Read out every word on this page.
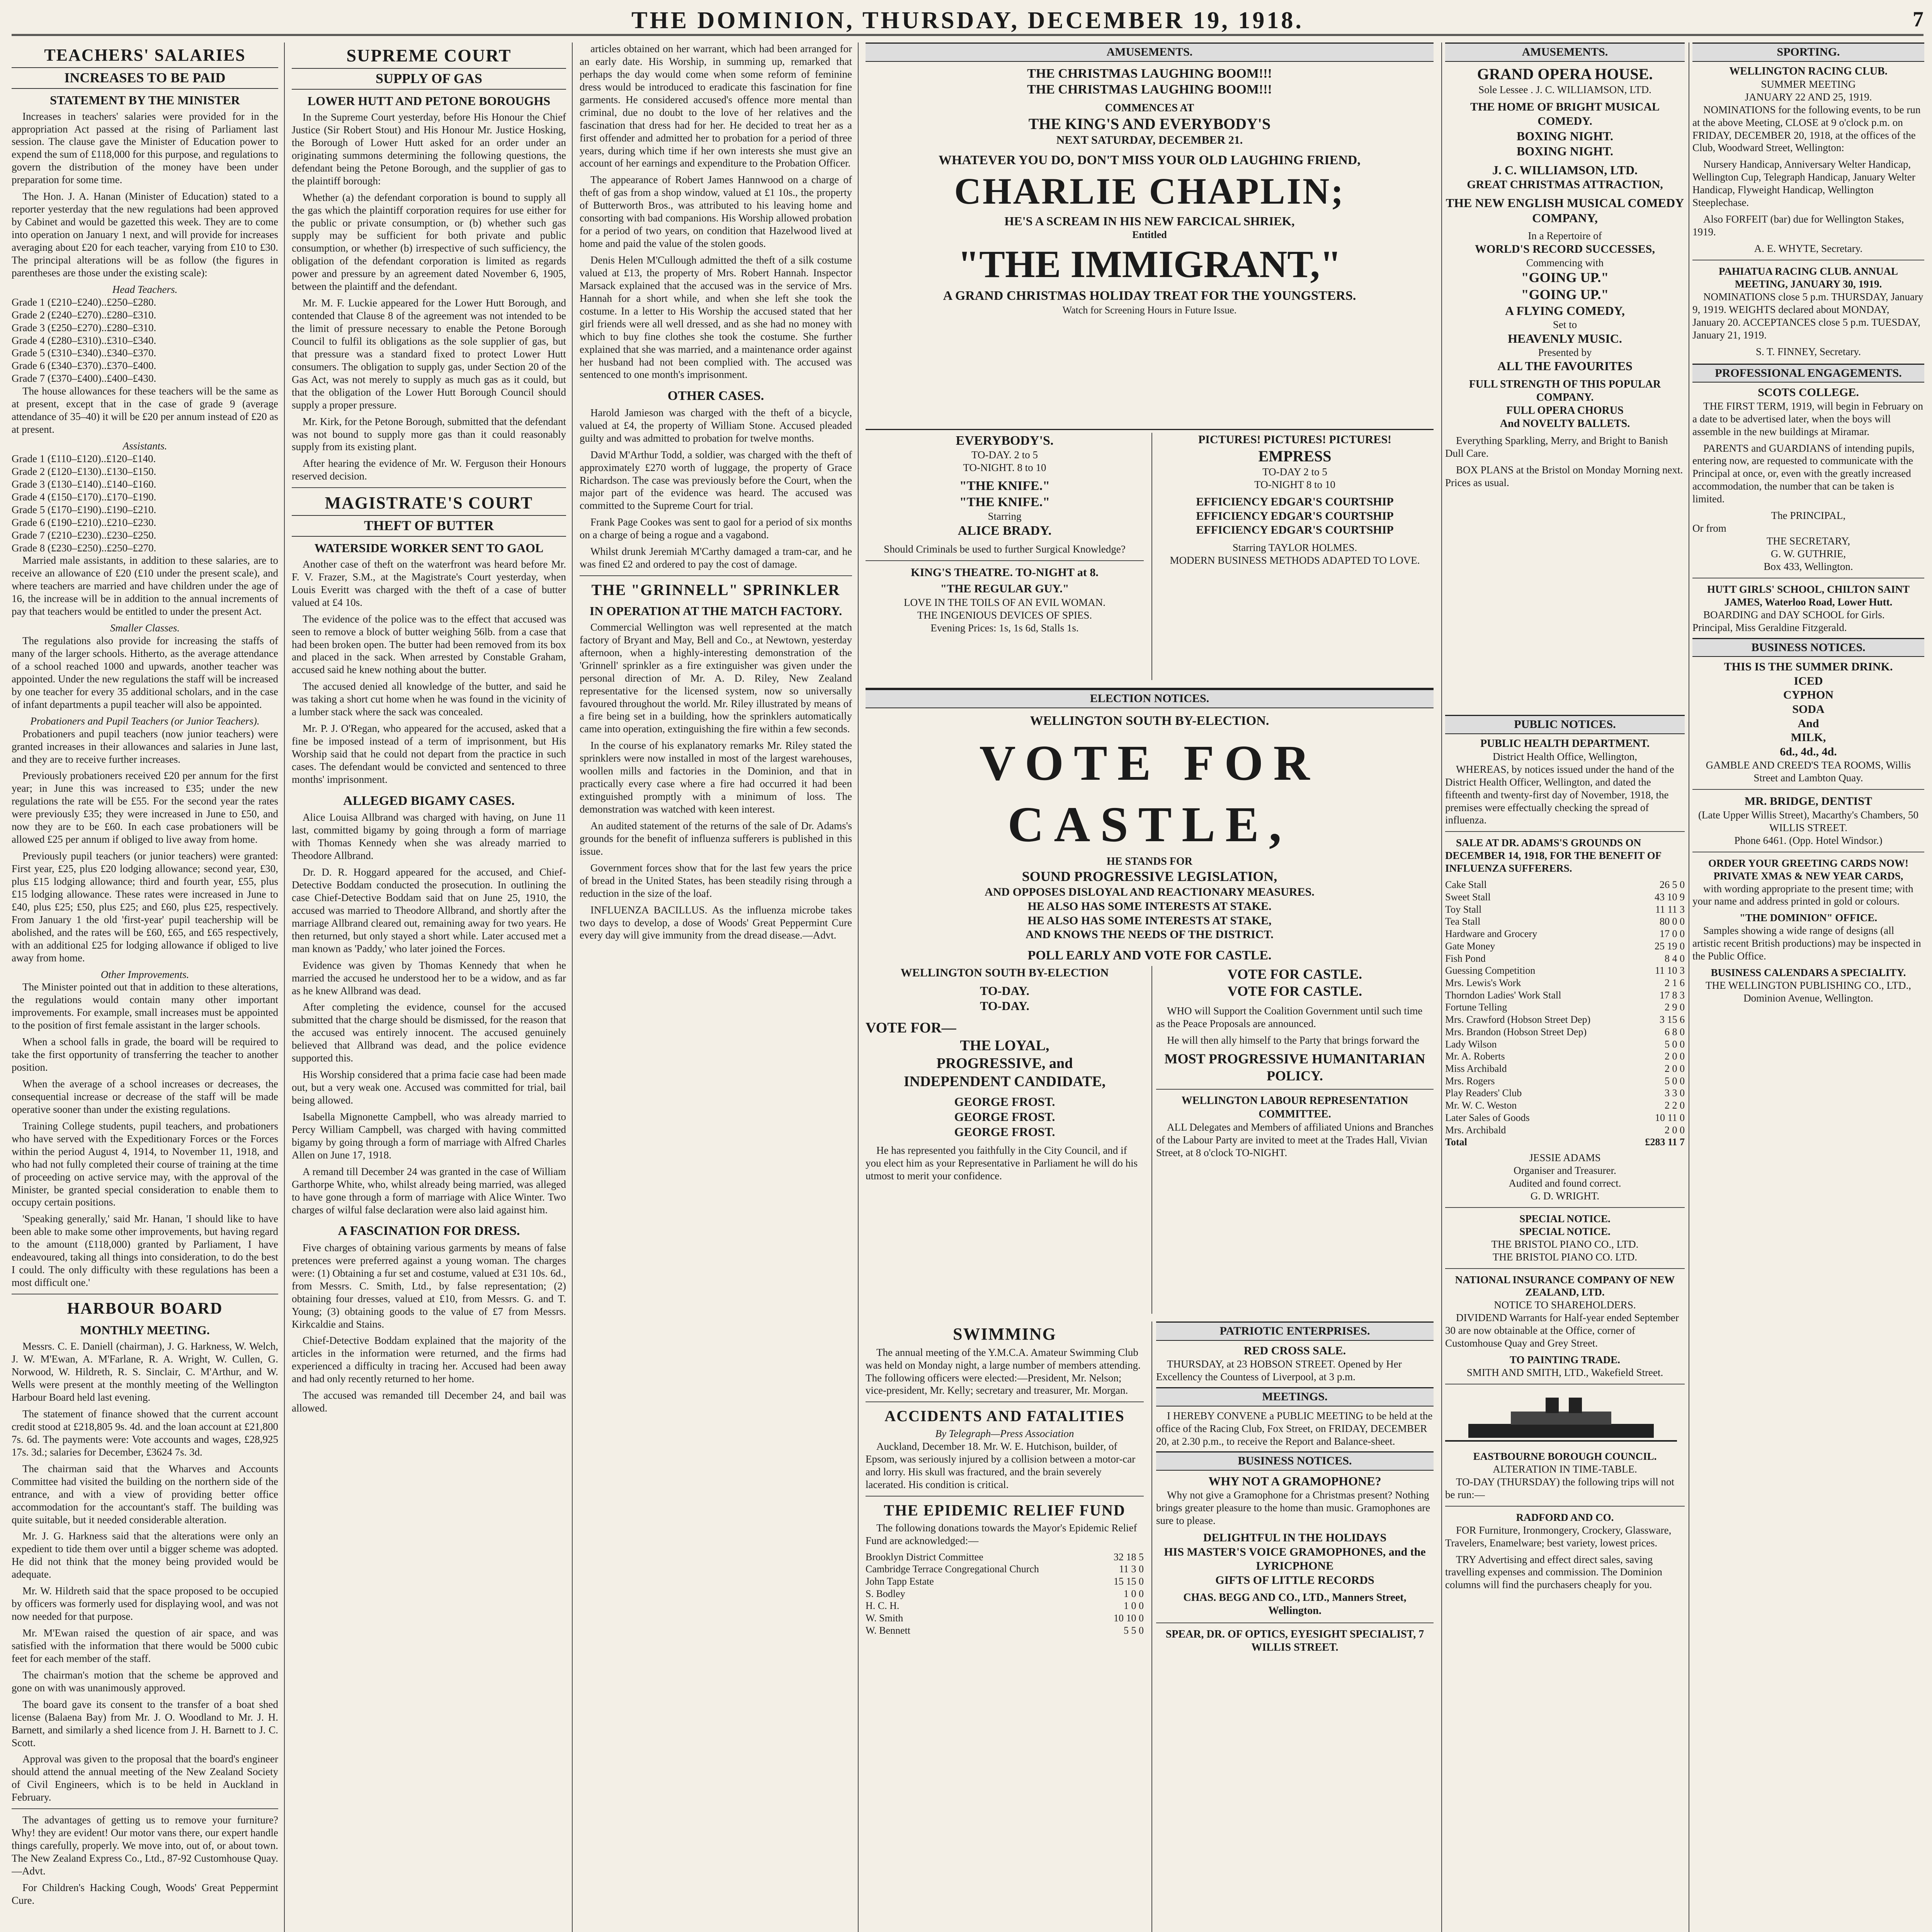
THE DOMINION, THURSDAY, DECEMBER 19, 1918.	7
TEACHERS' SALARIES
INCREASES TO BE PAID
STATEMENT BY THE MINISTER

Increases in teachers' salaries were provided for in the appropriation Act passed at the rising of Parliament last session. The clause gave the Minister of Education power to expend the sum of £118,000 for this purpose, and regulations to govern the distribution of the money have been under preparation for some time.

The Hon. J. A. Hanan (Minister of Education) stated to a reporter yesterday that the new regulations had been approved by Cabinet and would be gazetted this week. They are to come into operation on January 1 next, and will provide for increases averaging about £20 for each teacher, varying from £10 to £30. The principal alterations will be as follow (the figures in parentheses are those under the existing scale):

Head Teachers.
Grade 1 (£210–£240)..£250–£280.
Grade 2 (£240–£270)..£280–£310.
Grade 3 (£250–£270)..£280–£310.
Grade 4 (£280–£310)..£310–£340.
Grade 5 (£310–£340)..£340–£370.
Grade 6 (£340–£370)..£370–£400.
Grade 7 (£370–£400)..£400–£430.

The house allowances for these teachers will be the same as at present, except that in the case of grade 9 (average attendance of 35–40) it will be £20 per annum instead of £20 as at present.

Assistants.
Grade 1 (£110–£120)..£120–£140.
Grade 2 (£120–£130)..£130–£150.
Grade 3 (£130–£140)..£140–£160.
Grade 4 (£150–£170)..£170–£190.
Grade 5 (£170–£190)..£190–£210.
Grade 6 (£190–£210)..£210–£230.
Grade 7 (£210–£230)..£230–£250.
Grade 8 (£230–£250)..£250–£270.

Married male assistants, in addition to these salaries, are to receive an allowance of £20 (£10 under the present scale), and where teachers are married and have children under the age of 16, the increase will be in addition to the annual increments of pay that teachers would be entitled to under the present Act.

Smaller Classes.

The regulations also provide for increasing the staffs of many of the larger schools. Hitherto, as the average attendance of a school reached 1000 and upwards, another teacher was appointed. Under the new regulations the staff will be increased by one teacher for every 35 additional scholars, and in the case of infant departments a pupil teacher will also be appointed.

Probationers and Pupil Teachers (or Junior Teachers).

Probationers and pupil teachers (now junior teachers) were granted increases in their allowances and salaries in June last, and they are to receive further increases.

Previously probationers received £20 per annum for the first year; in June this was increased to £35; under the new regulations the rate will be £55. For the second year the rates were previously £35; they were increased in June to £50, and now they are to be £60. In each case probationers will be allowed £25 per annum if obliged to live away from home.

Previously pupil teachers (or junior teachers) were granted: First year, £25, plus £20 lodging allowance; second year, £30, plus £15 lodging allowance; third and fourth year, £55, plus £15 lodging allowance. These rates were increased in June to £40, plus £25; £50, plus £25; and £60, plus £25, respectively. From January 1 the old 'first-year' pupil teachership will be abolished, and the rates will be £60, £65, and £65 respectively, with an additional £25 for lodging allowance if obliged to live away from home.

Other Improvements.

The Minister pointed out that in addition to these alterations, the regulations would contain many other important improvements. For example, small increases must be appointed to the position of first female assistant in the larger schools.

When a school falls in grade, the board will be required to take the first opportunity of transferring the teacher to another position.

When the average of a school increases or decreases, the consequential increase or decrease of the staff will be made operative sooner than under the existing regulations.

Training College students, pupil teachers, and probationers who have served with the Expeditionary Forces or the Forces within the period August 4, 1914, to November 11, 1918, and who had not fully completed their course of training at the time of proceeding on active service may, with the approval of the Minister, be granted special consideration to enable them to occupy certain positions.

'Speaking generally,' said Mr. Hanan, 'I should like to have been able to make some other improvements, but having regard to the amount (£118,000) granted by Parliament, I have endeavoured, taking all things into consideration, to do the best I could. The only difficulty with these regulations has been a most difficult one.'

HARBOUR BOARD
MONTHLY MEETING.

Messrs. C. E. Daniell (chairman), J. G. Harkness, W. Welch, J. W. M'Ewan, A. M'Farlane, R. A. Wright, W. Cullen, G. Norwood, W. Hildreth, R. S. Sinclair, C. M'Arthur, and W. Wells were present at the monthly meeting of the Wellington Harbour Board held last evening.

The statement of finance showed that the current account credit stood at £218,805 9s. 4d. and the loan account at £21,800 7s. 6d. The payments were: Vote accounts and wages, £28,925 17s. 3d.; salaries for December, £3624 7s. 3d.

The chairman said that the Wharves and Accounts Committee had visited the building on the northern side of the entrance, and with a view of providing better office accommodation for the accountant's staff. The building was quite suitable, but it needed considerable alteration.

Mr. J. G. Harkness said that the alterations were only an expedient to tide them over until a bigger scheme was adopted. He did not think that the money being provided would be adequate.

Mr. W. Hildreth said that the space proposed to be occupied by officers was formerly used for displaying wool, and was not now needed for that purpose.

Mr. M'Ewan raised the question of air space, and was satisfied with the information that there would be 5000 cubic feet for each member of the staff.

The chairman's motion that the scheme be approved and gone on with was unanimously approved.

The board gave its consent to the transfer of a boat shed license (Balaena Bay) from Mr. J. O. Woodland to Mr. J. H. Barnett, and similarly a shed licence from J. H. Barnett to J. C. Scott.

Approval was given to the proposal that the board's engineer should attend the annual meeting of the New Zealand Society of Civil Engineers, which is to be held in Auckland in February.

The advantages of getting us to remove your furniture? Why! they are evident! Our motor vans there, our expert handle things carefully, properly. We move into, out of, or about town. The New Zealand Express Co., Ltd., 87-92 Customhouse Quay.—Advt.

For Children's Hacking Cough, Woods' Great Peppermint Cure.

SUPREME COURT
SUPPLY OF GAS
LOWER HUTT AND PETONE BOROUGHS

In the Supreme Court yesterday, before His Honour the Chief Justice (Sir Robert Stout) and His Honour Mr. Justice Hosking, the Borough of Lower Hutt asked for an order under an originating summons determining the following questions, the defendant being the Petone Borough, and the supplier of gas to the plaintiff borough:

Whether (a) the defendant corporation is bound to supply all the gas which the plaintiff corporation requires for use either for the public or private consumption, or (b) whether such gas supply may be sufficient for both private and public consumption, or whether (b) irrespective of such sufficiency, the obligation of the defendant corporation is limited as regards power and pressure by an agreement dated November 6, 1905, between the plaintiff and the defendant.

Mr. M. F. Luckie appeared for the Lower Hutt Borough, and contended that Clause 8 of the agreement was not intended to be the limit of pressure necessary to enable the Petone Borough Council to fulfil its obligations as the sole supplier of gas, but that pressure was a standard fixed to protect Lower Hutt consumers. The obligation to supply gas, under Section 20 of the Gas Act, was not merely to supply as much gas as it could, but that the obligation of the Lower Hutt Borough Council should supply a proper pressure.

Mr. Kirk, for the Petone Borough, submitted that the defendant was not bound to supply more gas than it could reasonably supply from its existing plant.

After hearing the evidence of Mr. W. Ferguson their Honours reserved decision.

MAGISTRATE'S COURT
THEFT OF BUTTER
WATERSIDE WORKER SENT TO GAOL

Another case of theft on the waterfront was heard before Mr. F. V. Frazer, S.M., at the Magistrate's Court yesterday, when Louis Everitt was charged with the theft of a case of butter valued at £4 10s.

The evidence of the police was to the effect that accused was seen to remove a block of butter weighing 56lb. from a case that had been broken open. The butter had been removed from its box and placed in the sack. When arrested by Constable Graham, accused said he knew nothing about the butter.

The accused denied all knowledge of the butter, and said he was taking a short cut home when he was found in the vicinity of a lumber stack where the sack was concealed.

Mr. P. J. O'Regan, who appeared for the accused, asked that a fine be imposed instead of a term of imprisonment, but His Worship said that he could not depart from the practice in such cases. The defendant would be convicted and sentenced to three months' imprisonment.

ALLEGED BIGAMY CASES.

Alice Louisa Allbrand was charged with having, on June 11 last, committed bigamy by going through a form of marriage with Thomas Kennedy when she was already married to Theodore Allbrand.

Dr. D. R. Hoggard appeared for the accused, and Chief-Detective Boddam conducted the prosecution. In outlining the case Chief-Detective Boddam said that on June 25, 1910, the accused was married to Theodore Allbrand, and shortly after the marriage Allbrand cleared out, remaining away for two years. He then returned, but only stayed a short while. Later accused met a man known as 'Paddy,' who later joined the Forces.

Evidence was given by Thomas Kennedy that when he married the accused he understood her to be a widow, and as far as he knew Allbrand was dead.

After completing the evidence, counsel for the accused submitted that the charge should be dismissed, for the reason that the accused was entirely innocent. The accused genuinely believed that Allbrand was dead, and the police evidence supported this.

His Worship considered that a prima facie case had been made out, but a very weak one. Accused was committed for trial, bail being allowed.

Isabella Mignonette Campbell, who was already married to Percy William Campbell, was charged with having committed bigamy by going through a form of marriage with Alfred Charles Allen on June 17, 1918.

A remand till December 24 was granted in the case of William Garthorpe White, who, whilst already being married, was alleged to have gone through a form of marriage with Alice Winter. Two charges of wilful false declaration were also laid against him.

A FASCINATION FOR DRESS.

Five charges of obtaining various garments by means of false pretences were preferred against a young woman. The charges were: (1) Obtaining a fur set and costume, valued at £31 10s. 6d., from Messrs. C. Smith, Ltd., by false representation; (2) obtaining four dresses, valued at £10, from Messrs. G. and T. Young; (3) obtaining goods to the value of £7 from Messrs. Kirkcaldie and Stains.

Chief-Detective Boddam explained that the majority of the articles in the information were returned, and the firms had experienced a difficulty in tracing her. Accused had been away and had only recently returned to her home.

The accused was remanded till December 24, and bail was allowed.

articles obtained on her warrant, which had been arranged for an early date. His Worship, in summing up, remarked that perhaps the day would come when some reform of feminine dress would be introduced to eradicate this fascination for fine garments. He considered accused's offence more mental than criminal, due no doubt to the love of her relatives and the fascination that dress had for her. He decided to treat her as a first offender and admitted her to probation for a period of three years, during which time if her own interests she must give an account of her earnings and expenditure to the Probation Officer.

The appearance of Robert James Hannwood on a charge of theft of gas from a shop window, valued at £1 10s., the property of Butterworth Bros., was attributed to his leaving home and consorting with bad companions. His Worship allowed probation for a period of two years, on condition that Hazelwood lived at home and paid the value of the stolen goods.

Denis Helen M'Cullough admitted the theft of a silk costume valued at £13, the property of Mrs. Robert Hannah. Inspector Marsack explained that the accused was in the service of Mrs. Hannah for a short while, and when she left she took the costume. In a letter to His Worship the accused stated that her girl friends were all well dressed, and as she had no money with which to buy fine clothes she took the costume. She further explained that she was married, and a maintenance order against her husband had not been complied with. The accused was sentenced to one month's imprisonment.

OTHER CASES.

Harold Jamieson was charged with the theft of a bicycle, valued at £4, the property of William Stone. Accused pleaded guilty and was admitted to probation for twelve months.

David M'Arthur Todd, a soldier, was charged with the theft of approximately £270 worth of luggage, the property of Grace Richardson. The case was previously before the Court, when the major part of the evidence was heard. The accused was committed to the Supreme Court for trial.

Frank Page Cookes was sent to gaol for a period of six months on a charge of being a rogue and a vagabond.

Whilst drunk Jeremiah M'Carthy damaged a tram-car, and he was fined £2 and ordered to pay the cost of damage.

THE "GRINNELL" SPRINKLER
IN OPERATION AT THE MATCH FACTORY.

Commercial Wellington was well represented at the match factory of Bryant and May, Bell and Co., at Newtown, yesterday afternoon, when a highly-interesting demonstration of the 'Grinnell' sprinkler as a fire extinguisher was given under the personal direction of Mr. A. D. Riley, New Zealand representative for the licensed system, now so universally favoured throughout the world. Mr. Riley illustrated by means of a fire being set in a building, how the sprinklers automatically came into operation, extinguishing the fire within a few seconds.

In the course of his explanatory remarks Mr. Riley stated the sprinklers were now installed in most of the largest warehouses, woollen mills and factories in the Dominion, and that in practically every case where a fire had occurred it had been extinguished promptly with a minimum of loss. The demonstration was watched with keen interest.

An audited statement of the returns of the sale of Dr. Adams's grounds for the benefit of influenza sufferers is published in this issue.

Government forces show that for the last few years the price of bread in the United States, has been steadily rising through a reduction in the size of the loaf.

INFLUENZA BACILLUS. As the influenza microbe takes two days to develop, a dose of Woods' Great Peppermint Cure every day will give immunity from the dread disease.—Advt.

AMUSEMENTS.
THE CHRISTMAS LAUGHING BOOM!!!
THE CHRISTMAS LAUGHING BOOM!!!
COMMENCES AT
THE KING'S AND EVERYBODY'S
NEXT SATURDAY, DECEMBER 21.
WHATEVER YOU DO, DON'T MISS YOUR OLD LAUGHING FRIEND,
CHARLIE CHAPLIN;
HE'S A SCREAM IN HIS NEW FARCICAL SHRIEK,
Entitled
"THE IMMIGRANT,"
A GRAND CHRISTMAS HOLIDAY TREAT FOR THE YOUNGSTERS.
Watch for Screening Hours in Future Issue.
EVERYBODY'S.
TO-DAY. 2 to 5
TO-NIGHT. 8 to 10
"THE KNIFE."
"THE KNIFE."
Starring
ALICE BRADY.
Should Criminals be used to further Surgical Knowledge?
KING'S THEATRE. TO-NIGHT at 8.
"THE REGULAR GUY."
LOVE IN THE TOILS OF AN EVIL WOMAN.
THE INGENIOUS DEVICES OF SPIES.
Evening Prices: 1s, 1s 6d, Stalls 1s.
PICTURES! PICTURES! PICTURES!
EMPRESS
TO-DAY 2 to 5
TO-NIGHT 8 to 10
EFFICIENCY EDGAR'S COURTSHIP
EFFICIENCY EDGAR'S COURTSHIP
EFFICIENCY EDGAR'S COURTSHIP
Starring TAYLOR HOLMES.
MODERN BUSINESS METHODS ADAPTED TO LOVE.
ELECTION NOTICES.
WELLINGTON SOUTH BY-ELECTION.
VOTE FOR CASTLE,
HE STANDS FOR
SOUND PROGRESSIVE LEGISLATION,
AND OPPOSES DISLOYAL AND REACTIONARY MEASURES.
HE ALSO HAS SOME INTERESTS AT STAKE.
HE ALSO HAS SOME INTERESTS AT STAKE,
AND KNOWS THE NEEDS OF THE DISTRICT.
POLL EARLY AND VOTE FOR CASTLE.
WELLINGTON SOUTH BY-ELECTION
TO-DAY.
TO-DAY.
VOTE FOR—
THE LOYAL,
PROGRESSIVE, and
INDEPENDENT CANDIDATE,
GEORGE FROST.
GEORGE FROST.
GEORGE FROST.

He has represented you faithfully in the City Council, and if you elect him as your Representative in Parliament he will do his utmost to merit your confidence.

VOTE FOR CASTLE.
VOTE FOR CASTLE.

WHO will Support the Coalition Government until such time as the Peace Proposals are announced.

He will then ally himself to the Party that brings forward the

MOST PROGRESSIVE HUMANITARIAN POLICY.
WELLINGTON LABOUR REPRESENTATION COMMITTEE.

ALL Delegates and Members of affiliated Unions and Branches of the Labour Party are invited to meet at the Trades Hall, Vivian Street, at 8 o'clock TO-NIGHT.

SWIMMING

The annual meeting of the Y.M.C.A. Amateur Swimming Club was held on Monday night, a large number of members attending. The following officers were elected:—President, Mr. Nelson; vice-president, Mr. Kelly; secretary and treasurer, Mr. Morgan.

ACCIDENTS AND FATALITIES
By Telegraph—Press Association

Auckland, December 18. Mr. W. E. Hutchison, builder, of Epsom, was seriously injured by a collision between a motor-car and lorry. His skull was fractured, and the brain severely lacerated. His condition is critical.

THE EPIDEMIC RELIEF FUND

The following donations towards the Mayor's Epidemic Relief Fund are acknowledged:—

Brooklyn District Committee	32 18 5
Cambridge Terrace Congregational Church	11 3 0
John Tapp Estate	15 15 0
S. Bodley	1 0 0
H. C. H.	1 0 0
W. Smith	10 10 0
W. Bennett	5 5 0
PATRIOTIC ENTERPRISES.
RED CROSS SALE.

THURSDAY, at 23 HOBSON STREET. Opened by Her Excellency the Countess of Liverpool, at 3 p.m.

MEETINGS.

I HEREBY CONVENE a PUBLIC MEETING to be held at the office of the Racing Club, Fox Street, on FRIDAY, DECEMBER 20, at 2.30 p.m., to receive the Report and Balance-sheet.

BUSINESS NOTICES.
WHY NOT A GRAMOPHONE?

Why not give a Gramophone for a Christmas present? Nothing brings greater pleasure to the home than music. Gramophones are sure to please.

DELIGHTFUL IN THE HOLIDAYS
HIS MASTER'S VOICE GRAMOPHONES, and the LYRICPHONE
GIFTS OF LITTLE RECORDS
CHAS. BEGG AND CO., LTD., Manners Street, Wellington.
SPEAR, DR. OF OPTICS, EYESIGHT SPECIALIST, 7 WILLIS STREET.
AMUSEMENTS.
GRAND OPERA HOUSE.
Sole Lessee . J. C. WILLIAMSON, LTD.
THE HOME OF BRIGHT MUSICAL COMEDY.
BOXING NIGHT.
BOXING NIGHT.
J. C. WILLIAMSON, LTD.
GREAT CHRISTMAS ATTRACTION,
THE NEW ENGLISH MUSICAL COMEDY COMPANY,
In a Repertoire of
WORLD'S RECORD SUCCESSES,
Commencing with
"GOING UP."
"GOING UP."
A FLYING COMEDY,
Set to
HEAVENLY MUSIC.
Presented by
ALL THE FAVOURITES
FULL STRENGTH OF THIS POPULAR COMPANY.
FULL OPERA CHORUS
And NOVELTY BALLETS.

Everything Sparkling, Merry, and Bright to Banish Dull Care.

BOX PLANS at the Bristol on Monday Morning next. Prices as usual.

PUBLIC NOTICES.
PUBLIC HEALTH DEPARTMENT.
District Health Office, Wellington,

WHEREAS, by notices issued under the hand of the District Health Officer, Wellington, and dated the fifteenth and twenty-first day of November, 1918, the premises were effectually checking the spread of influenza.

SALE AT DR. ADAMS'S GROUNDS ON DECEMBER 14, 1918, FOR THE BENEFIT OF INFLUENZA SUFFERERS.

Cake Stall	26 5 0
Sweet Stall	43 10 9
Toy Stall	11 11 3
Tea Stall	80 0 0
Hardware and Grocery	17 0 0
Gate Money	25 19 0
Fish Pond	8 4 0
Guessing Competition	11 10 3
Mrs. Lewis's Work	2 1 6
Thorndon Ladies' Work Stall	17 8 3
Fortune Telling	2 9 0
Mrs. Crawford (Hobson Street Dep)	3 15 6
Mrs. Brandon (Hobson Street Dep)	6 8 0
Lady Wilson	5 0 0
Mr. A. Roberts	2 0 0
Miss Archibald	2 0 0
Mrs. Rogers	5 0 0
Play Readers' Club	3 3 0
Mr. W. C. Weston	2 2 0
Later Sales of Goods	10 11 0
Mrs. Archibald	2 0 0
Total	£283 11 7
JESSIE ADAMS
Organiser and Treasurer.
Audited and found correct.
G. D. WRIGHT.
SPECIAL NOTICE.
SPECIAL NOTICE.
THE BRISTOL PIANO CO., LTD.
THE BRISTOL PIANO CO. LTD.
NATIONAL INSURANCE COMPANY OF NEW ZEALAND, LTD.
NOTICE TO SHAREHOLDERS.

DIVIDEND Warrants for Half-year ended September 30 are now obtainable at the Office, corner of Customhouse Quay and Grey Street.

TO PAINTING TRADE.
SMITH AND SMITH, LTD., Wakefield Street.
EASTBOURNE BOROUGH COUNCIL.
ALTERATION IN TIME-TABLE.

TO-DAY (THURSDAY) the following trips will not be run:—

RADFORD AND CO.

FOR Furniture, Ironmongery, Crockery, Glassware, Travelers, Enamelware; best variety, lowest prices.

TRY Advertising and effect direct sales, saving travelling expenses and commission. The Dominion columns will find the purchasers cheaply for you.

SPORTING.
WELLINGTON RACING CLUB.
SUMMER MEETING
JANUARY 22 AND 25, 1919.

NOMINATIONS for the following events, to be run at the above Meeting, CLOSE at 9 o'clock p.m. on FRIDAY, DECEMBER 20, 1918, at the offices of the Club, Woodward Street, Wellington:

Nursery Handicap, Anniversary Welter Handicap, Wellington Cup, Telegraph Handicap, January Welter Handicap, Flyweight Handicap, Wellington Steeplechase.

Also FORFEIT (bar) due for Wellington Stakes, 1919.

A. E. WHYTE, Secretary.
PAHIATUA RACING CLUB. ANNUAL MEETING, JANUARY 30, 1919.

NOMINATIONS close 5 p.m. THURSDAY, January 9, 1919. WEIGHTS declared about MONDAY, January 20. ACCEPTANCES close 5 p.m. TUESDAY, January 21, 1919.

S. T. FINNEY, Secretary.
PROFESSIONAL ENGAGEMENTS.
SCOTS COLLEGE.

THE FIRST TERM, 1919, will begin in February on a date to be advertised later, when the boys will assemble in the new buildings at Miramar.

PARENTS and GUARDIANS of intending pupils, entering now, are requested to communicate with the Principal at once, or, even with the greatly increased accommodation, the number that can be taken is limited.

The PRINCIPAL,
Or from
THE SECRETARY,
G. W. GUTHRIE,
Box 433, Wellington.
HUTT GIRLS' SCHOOL, CHILTON SAINT JAMES, Waterloo Road, Lower Hutt.

BOARDING and DAY SCHOOL for Girls. Principal, Miss Geraldine Fitzgerald.

BUSINESS NOTICES.
THIS IS THE SUMMER DRINK.
ICED
CYPHON
SODA
And
MILK,
6d., 4d., 4d.
GAMBLE AND CREED'S TEA ROOMS, Willis Street and Lambton Quay.
MR. BRIDGE, DENTIST
(Late Upper Willis Street), Macarthy's Chambers, 50 WILLIS STREET.
Phone 6461. (Opp. Hotel Windsor.)
ORDER YOUR GREETING CARDS NOW!
PRIVATE XMAS & NEW YEAR CARDS,

with wording appropriate to the present time; with your name and address printed in gold or colours.

"THE DOMINION" OFFICE.

Samples showing a wide range of designs (all artistic recent British productions) may be inspected in the Public Office.

BUSINESS CALENDARS A SPECIALITY.
THE WELLINGTON PUBLISHING CO., LTD.,
Dominion Avenue, Wellington.
